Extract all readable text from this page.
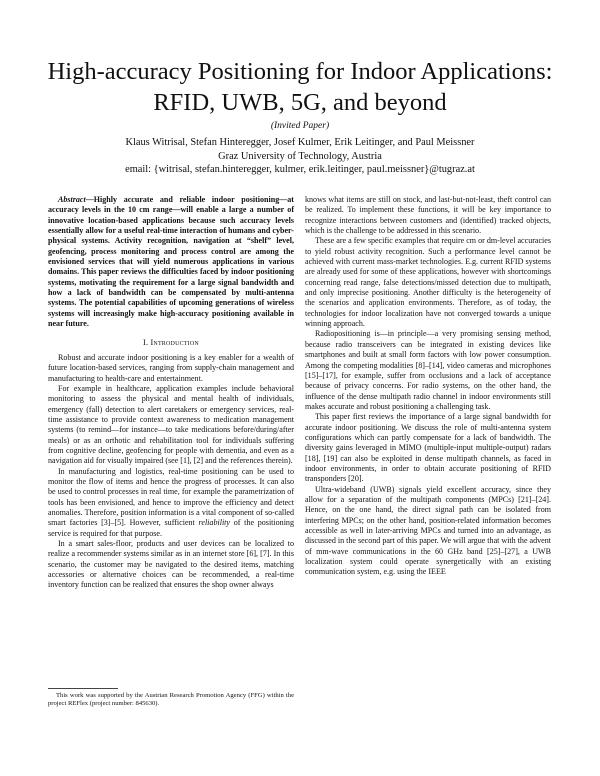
High-accuracy Positioning for Indoor Applications:
RFID, UWB, 5G, and beyond
(Invited Paper)
Klaus Witrisal, Stefan Hinteregger, Josef Kulmer, Erik Leitinger, and Paul Meissner
Graz University of Technology, Austria
email: {witrisal, stefan.hinteregger, kulmer, erik.leitinger, paul.meissner}@tugraz.at

Abstract—Highly accurate and reliable indoor positioning—at accuracy levels in the 10 cm range—will enable a large a number of innovative location-based applications because such accuracy levels essentially allow for a useful real-time interaction of humans and cyber-physical systems. Activity recognition, navigation at “shelf” level, geofencing, process monitoring and process control are among the envisioned services that will yield numerous applications in various domains. This paper reviews the difficulties faced by indoor positioning systems, motivating the requirement for a large signal bandwidth and how a lack of bandwidth can be compensated by multi-antenna systems. The potential capabilities of upcoming generations of wireless systems will increasingly make high-accuracy positioning available in near future.

I. Introduction

Robust and accurate indoor positioning is a key enabler for a wealth of future location-based services, ranging from supply-chain management and manufacturing to health-care and entertainment.

For example in healthcare, application examples include behavioral monitoring to assess the physical and mental health of individuals, emergency (fall) detection to alert caretakers or emergency services, real-time assistance to provide context awareness to medication management systems (to remind—for instance—to take medications before/during/after meals) or as an orthotic and rehabilitation tool for individuals suffering from cognitive decline, geofencing for people with dementia, and even as a navigation aid for visually impaired (see [1], [2] and the references therein).

In manufacturing and logistics, real-time positioning can be used to monitor the flow of items and hence the progress of processes. It can also be used to control processes in real time, for example the parametrization of tools has been envisioned, and hence to improve the efficiency and detect anomalies. Therefore, position information is a vital component of so-called smart factories [3]–[5]. However, sufficient reliability of the positioning service is required for that purpose.

In a smart sales-floor, products and user devices can be localized to realize a recommender systems similar as in an internet store [6], [7]. In this scenario, the customer may be navigated to the desired items, matching accessories or alternative choices can be recommended, a real-time inventory function can be realized that ensures the shop owner always

This work was supported by the Austrian Research Promotion Agency (FFG) within the project REFlex (project number: 845630).

knows what items are still on stock, and last-but-not-least, theft control can be realized. To implement these functions, it will be key importance to recognize interactions between customers and (identified) tracked objects, which is the challenge to be addressed in this scenario.

These are a few specific examples that require cm or dm-level accuracies to yield robust activity recognition. Such a performance level cannot be achieved with current mass-market technologies. E.g. current RFID systems are already used for some of these applications, however with shortcomings concerning read range, false detections/missed detection due to multipath, and only imprecise positioning. Another difficulty is the heterogeneity of the scenarios and application environments. Therefore, as of today, the technologies for indoor localization have not converged towards a unique winning approach.

Radiopositioning is—in principle—a very promising sensing method, because radio transceivers can be integrated in existing devices like smartphones and built at small form factors with low power consumption. Among the competing modalities [8]–[14], video cameras and microphones [15]–[17], for example, suffer from occlusions and a lack of acceptance because of privacy concerns. For radio systems, on the other hand, the influence of the dense multipath radio channel in indoor environments still makes accurate and robust positioning a challenging task.

This paper first reviews the importance of a large signal bandwidth for accurate indoor positioning. We discuss the role of multi-antenna system configurations which can partly compensate for a lack of bandwidth. The diversity gains leveraged in MIMO (multiple-input multiple-output) radars [18], [19] can also be exploited in dense multipath channels, as faced in indoor environments, in order to obtain accurate positioning of RFID transponders [20].

Ultra-wideband (UWB) signals yield excellent accuracy, since they allow for a separation of the multipath components (MPCs) [21]–[24]. Hence, on the one hand, the direct signal path can be isolated from interfering MPCs; on the other hand, position-related information becomes accessible as well in later-arriving MPCs and turned into an advantage, as discussed in the second part of this paper. We will argue that with the advent of mm-wave communications in the 60 GHz band [25]–[27], a UWB localization system could operate synergetically with an existing communication system, e.g. using the IEEE
